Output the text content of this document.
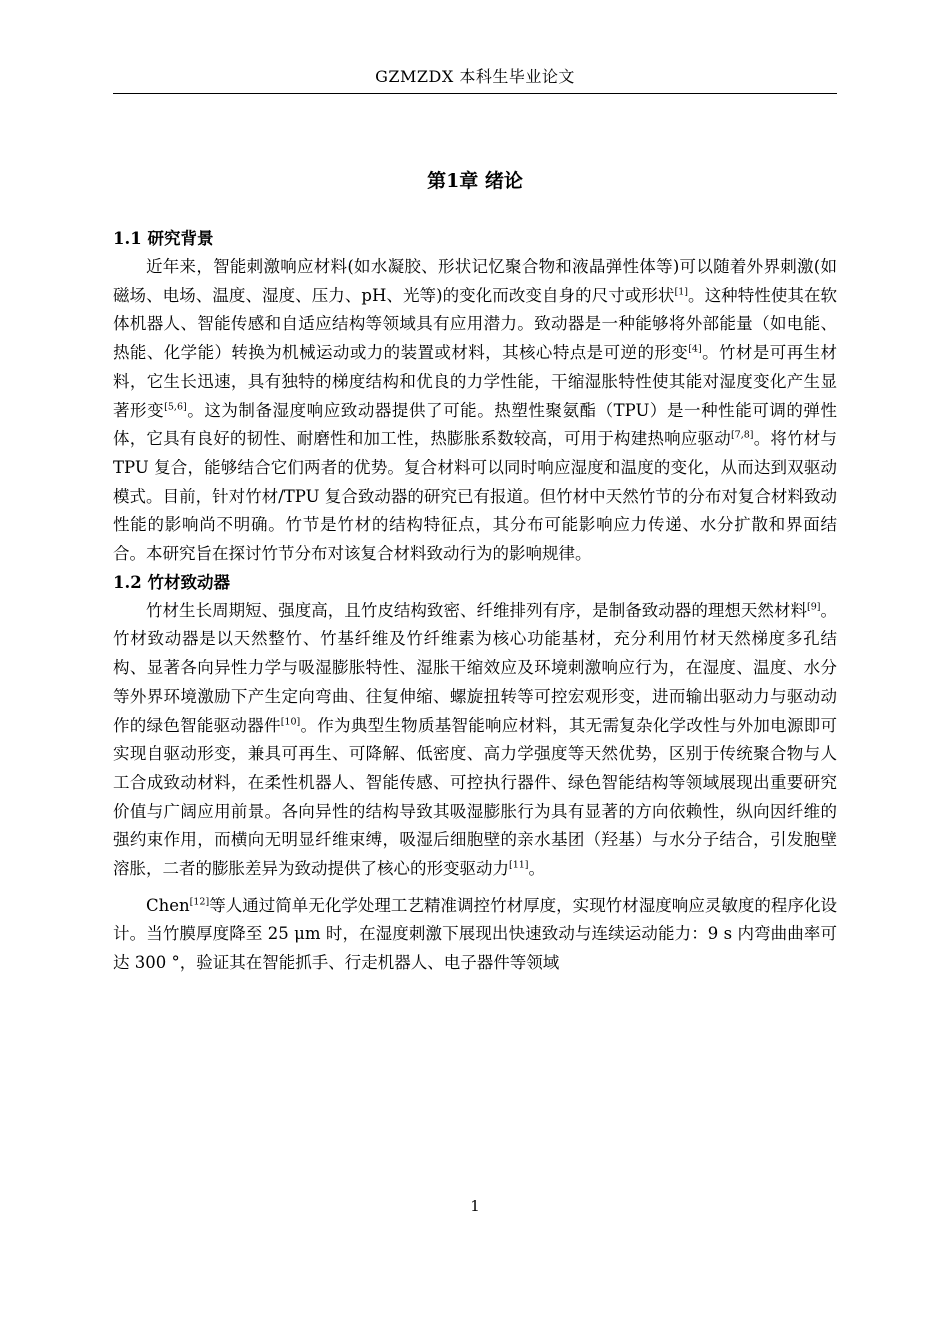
GZMZDX 本科生毕业论文
第1章 绪论
1.1 研究背景

近年来，智能刺激响应材料(如水凝胶、形状记忆聚合物和液晶弹性体等)可以随着外界刺激(如磁场、电场、温度、湿度、压力、pH、光等)的变化而改变自身的尺寸或形状[1]。这种特性使其在软体机器人、智能传感和自适应结构等领域具有应用潜力。致动器是一种能够将外部能量（如电能、热能、化学能）转换为机械运动或力的装置或材料，其核心特点是可逆的形变[4]。竹材是可再生材料，它生长迅速，具有独特的梯度结构和优良的力学性能，干缩湿胀特性使其能对湿度变化产生显著形变[5,6]。这为制备湿度响应致动器提供了可能。热塑性聚氨酯（TPU）是一种性能可调的弹性体，它具有良好的韧性、耐磨性和加工性，热膨胀系数较高，可用于构建热响应驱动[7,8]。将竹材与 TPU 复合，能够结合它们两者的优势。复合材料可以同时响应湿度和温度的变化，从而达到双驱动模式。目前，针对竹材/TPU 复合致动器的研究已有报道。但竹材中天然竹节的分布对复合材料致动性能的影响尚不明确。竹节是竹材的结构特征点，其分布可能影响应力传递、水分扩散和界面结合。本研究旨在探讨竹节分布对该复合材料致动行为的影响规律。

1.2 竹材致动器

竹材生长周期短、强度高，且竹皮结构致密、纤维排列有序，是制备致动器的理想天然材料[9]。竹材致动器是以天然整竹、竹基纤维及竹纤维素为核心功能基材，充分利用竹材天然梯度多孔结构、显著各向异性力学与吸湿膨胀特性、湿胀干缩效应及环境刺激响应行为，在湿度、温度、水分等外界环境激励下产生定向弯曲、往复伸缩、螺旋扭转等可控宏观形变，进而输出驱动力与驱动动作的绿色智能驱动器件[10]。作为典型生物质基智能响应材料，其无需复杂化学改性与外加电源即可实现自驱动形变，兼具可再生、可降解、低密度、高力学强度等天然优势，区别于传统聚合物与人工合成致动材料，在柔性机器人、智能传感、可控执行器件、绿色智能结构等领域展现出重要研究价值与广阔应用前景。各向异性的结构导致其吸湿膨胀行为具有显著的方向依赖性，纵向因纤维的强约束作用，而横向无明显纤维束缚，吸湿后细胞壁的亲水基团（羟基）与水分子结合，引发胞壁溶胀，二者的膨胀差异为致动提供了核心的形变驱动力[11]。

Chen[12]等人通过简单无化学处理工艺精准调控竹材厚度，实现竹材湿度响应灵敏度的程序化设计。当竹膜厚度降至 25 μm 时，在湿度刺激下展现出快速致动与连续运动能力：9 s 内弯曲曲率可达 300 °，验证其在智能抓手、行走机器人、电子器件等领域

1
